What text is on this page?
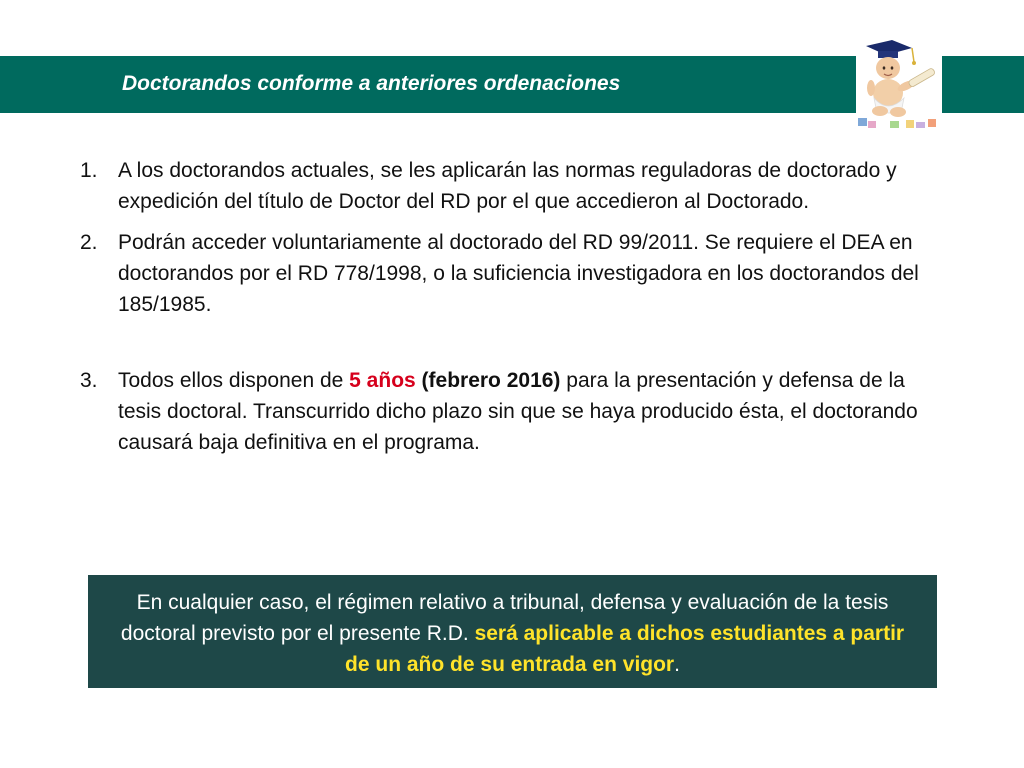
Doctorandos conforme a anteriores ordenaciones
1. A los doctorandos actuales, se les aplicarán las normas reguladoras de doctorado y expedición del título de Doctor del RD por el que accedieron al Doctorado.
2. Podrán acceder voluntariamente al doctorado del RD 99/2011. Se requiere el DEA en doctorandos por el RD 778/1998, o la suficiencia investigadora en los doctorandos del 185/1985.
3. Todos ellos disponen de 5 años (febrero 2016) para la presentación y defensa de la tesis doctoral. Transcurrido dicho plazo sin que se haya producido ésta, el doctorando causará baja definitiva en el programa.
En cualquier caso, el régimen relativo a tribunal, defensa y evaluación de la tesis doctoral previsto por el presente R.D. será aplicable a dichos estudiantes a partir de un año de su entrada en vigor.
